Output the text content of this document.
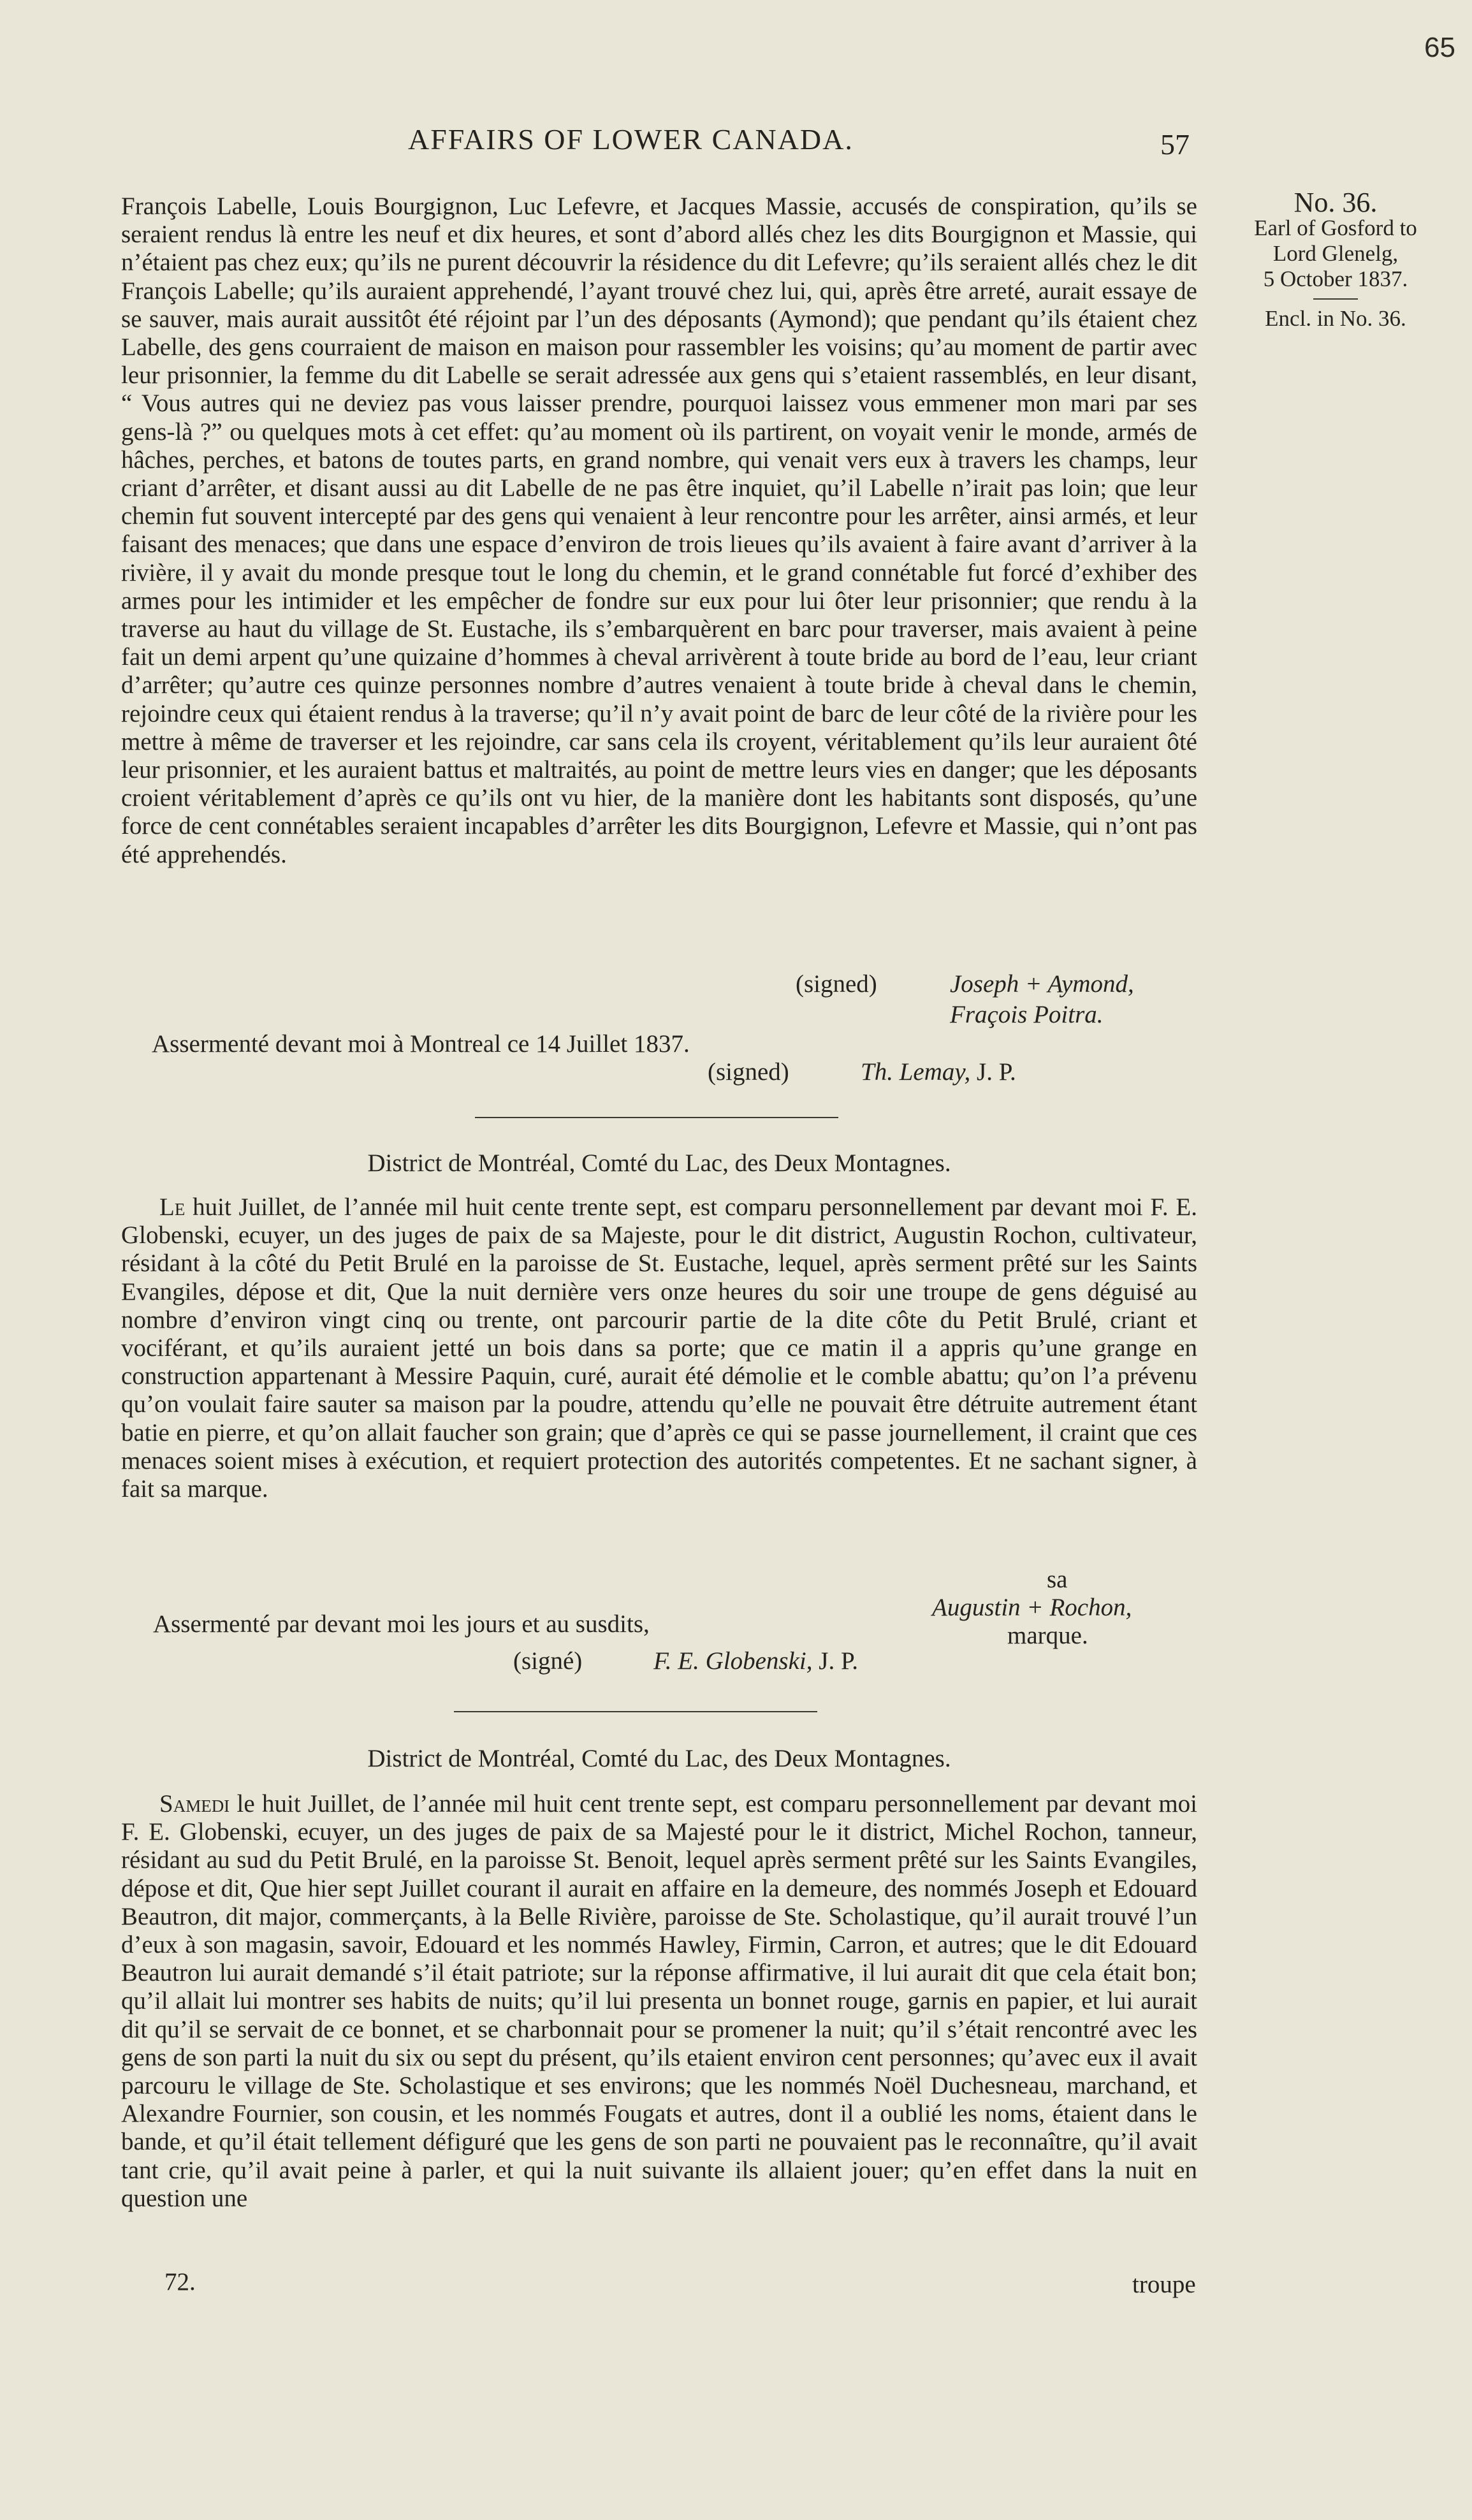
65
AFFAIRS OF LOWER CANADA.	57
No. 36.
Earl of Gosford to
Lord Glenelg,
5 October 1837.
Encl. in No. 36.

François Labelle, Louis Bourgignon, Luc Lefevre, et Jacques Massie, accusés de conspiration, qu’ils se seraient rendus là entre les neuf et dix heures, et sont d’abord allés chez les dits Bourgignon et Massie, qui n’étaient pas chez eux; qu’ils ne purent découvrir la résidence du dit Lefevre; qu’ils seraient allés chez le dit François Labelle; qu’ils auraient apprehendé, l’ayant trouvé chez lui, qui, après être arreté, aurait essaye de se sauver, mais aurait aussitôt été réjoint par l’un des déposants (Aymond); que pendant qu’ils étaient chez Labelle, des gens courraient de maison en maison pour rassembler les voisins; qu’au moment de partir avec leur prisonnier, la femme du dit Labelle se serait adressée aux gens qui s’etaient rassemblés, en leur disant, “ Vous autres qui ne deviez pas vous laisser prendre, pourquoi laissez vous emmener mon mari par ses gens-là ?” ou quelques mots à cet effet: qu’au moment où ils partirent, on voyait venir le monde, armés de hâches, perches, et batons de toutes parts, en grand nombre, qui venait vers eux à travers les champs, leur criant d’arrêter, et disant aussi au dit Labelle de ne pas être inquiet, qu’il Labelle n’irait pas loin; que leur chemin fut souvent intercepté par des gens qui venaient à leur rencontre pour les arrêter, ainsi armés, et leur faisant des menaces; que dans une espace d’environ de trois lieues qu’ils avaient à faire avant d’arriver à la rivière, il y avait du monde presque tout le long du chemin, et le grand connétable fut forcé d’exhiber des armes pour les intimider et les empêcher de fondre sur eux pour lui ôter leur prisonnier; que rendu à la traverse au haut du village de St. Eustache, ils s’embarquèrent en barc pour traverser, mais avaient à peine fait un demi arpent qu’une quizaine d’hommes à cheval arrivèrent à toute bride au bord de l’eau, leur criant d’arrêter; qu’autre ces quinze personnes nombre d’autres venaient à toute bride à cheval dans le chemin, rejoindre ceux qui étaient rendus à la traverse; qu’il n’y avait point de barc de leur côté de la rivière pour les mettre à même de traverser et les rejoindre, car sans cela ils croyent, véritablement qu’ils leur auraient ôté leur prisonnier, et les auraient battus et maltraités, au point de mettre leurs vies en danger; que les déposants croient véritablement d’après ce qu’ils ont vu hier, de la manière dont les habitants sont disposés, qu’une force de cent connétables seraient incapables d’arrêter les dits Bourgignon, Lefevre et Massie, qui n’ont pas été apprehendés.

(signed)	Joseph + Aymond,
Fraçois Poitra.
Assermenté devant moi à Montreal ce 14 Juillet 1837.
(signed)	Th. Lemay, J. P.
District de Montréal, Comté du Lac, des Deux Montagnes.

Le huit Juillet, de l’année mil huit cente trente sept, est comparu personnellement par devant moi F. E. Globenski, ecuyer, un des juges de paix de sa Majeste, pour le dit district, Augustin Rochon, cultivateur, résidant à la côté du Petit Brulé en la paroisse de St. Eustache, lequel, après serment prêté sur les Saints Evangiles, dépose et dit, Que la nuit dernière vers onze heures du soir une troupe de gens déguisé au nombre d’environ vingt cinq ou trente, ont parcourir partie de la dite côte du Petit Brulé, criant et vociférant, et qu’ils auraient jetté un bois dans sa porte; que ce matin il a appris qu’une grange en construction appartenant à Messire Paquin, curé, aurait été démolie et le comble abattu; qu’on l’a prévenu qu’on voulait faire sauter sa maison par la poudre, attendu qu’elle ne pouvait être détruite autrement étant batie en pierre, et qu’on allait faucher son grain; que d’après ce qui se passe journellement, il craint que ces menaces soient mises à exécution, et requiert protection des autorités competentes. Et ne sachant signer, à fait sa marque.

sa
Augustin + Rochon,
Assermenté par devant moi les jours et au susdits,	marque.
(signé)	F. E. Globenski, J. P.
District de Montréal, Comté du Lac, des Deux Montagnes.

Samedi le huit Juillet, de l’année mil huit cent trente sept, est comparu personnellement par devant moi F. E. Globenski, ecuyer, un des juges de paix de sa Majesté pour le it district, Michel Rochon, tanneur, résidant au sud du Petit Brulé, en la paroisse St. Benoit, lequel après serment prêté sur les Saints Evangiles, dépose et dit, Que hier sept Juillet courant il aurait en affaire en la demeure, des nommés Joseph et Edouard Beautron, dit major, commerçants, à la Belle Rivière, paroisse de Ste. Scholastique, qu’il aurait trouvé l’un d’eux à son magasin, savoir, Edouard et les nommés Hawley, Firmin, Carron, et autres; que le dit Edouard Beautron lui aurait demandé s’il était patriote; sur la réponse affirmative, il lui aurait dit que cela était bon; qu’il allait lui montrer ses habits de nuits; qu’il lui presenta un bonnet rouge, garnis en papier, et lui aurait dit qu’il se servait de ce bonnet, et se charbonnait pour se promener la nuit; qu’il s’était rencontré avec les gens de son parti la nuit du six ou sept du présent, qu’ils etaient environ cent personnes; qu’avec eux il avait parcouru le village de Ste. Scholastique et ses environs; que les nommés Noël Duchesneau, marchand, et Alexandre Fournier, son cousin, et les nommés Fougats et autres, dont il a oublié les noms, étaient dans le bande, et qu’il était tellement défiguré que les gens de son parti ne pouvaient pas le reconnaître, qu’il avait tant crie, qu’il avait peine à parler, et qui la nuit suivante ils allaient jouer; qu’en effet dans la nuit en question une

72.	troupe
